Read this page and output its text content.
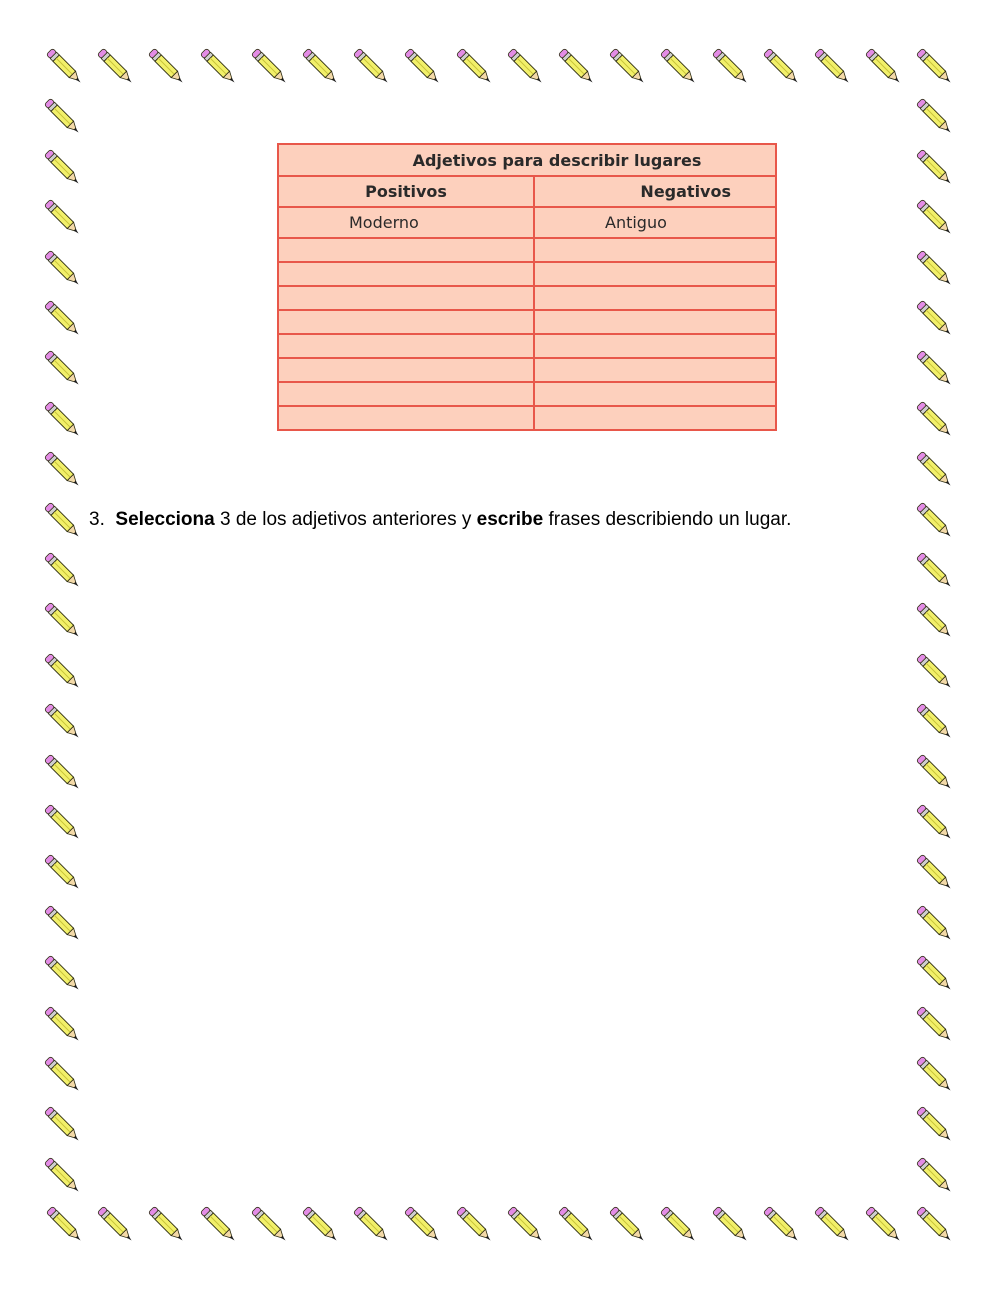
Adjetivos para describir lugares	
Positivos	Negativos
Moderno	Antiguo

3. Selecciona 3 de los adjetivos anteriores y escribe frases describiendo un lugar.
